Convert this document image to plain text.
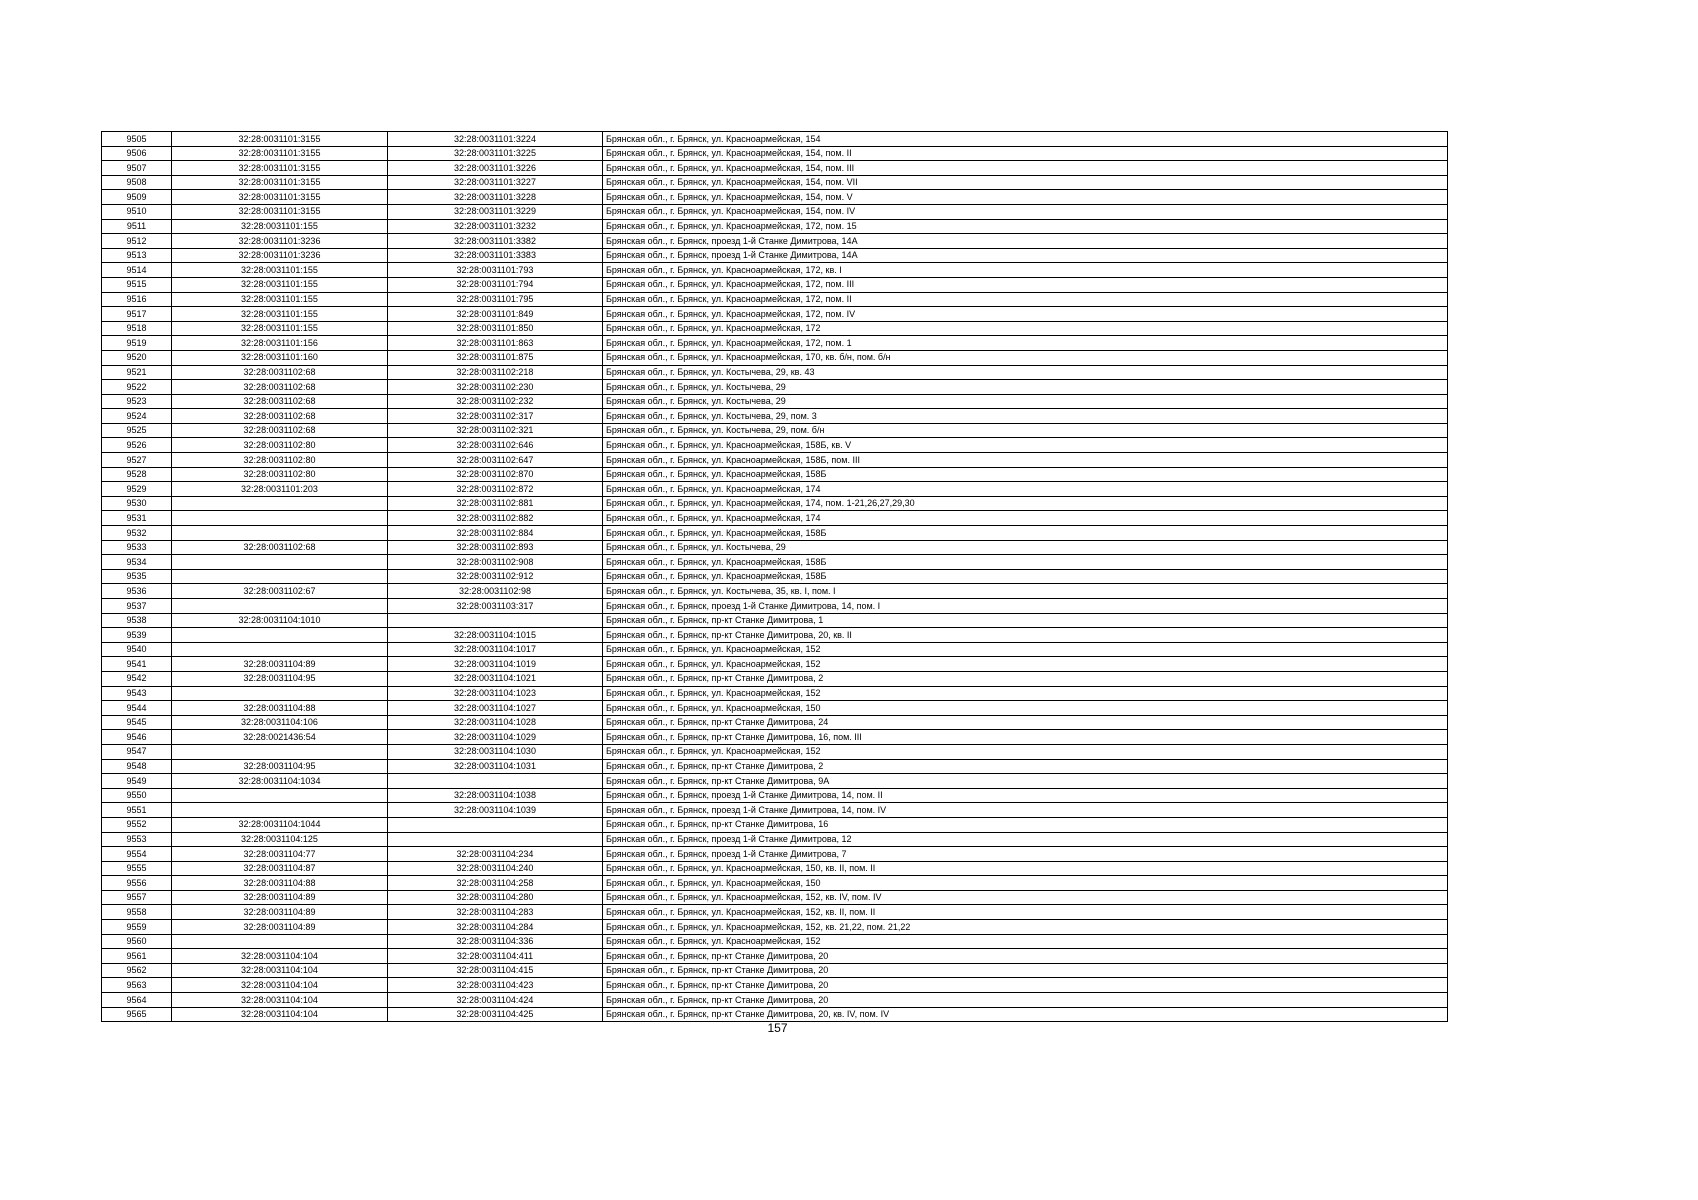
9505	32:28:0031101:3155	32:28:0031101:3224	Брянская обл., г. Брянск, ул. Красноармейская, 154
9506	32:28:0031101:3155	32:28:0031101:3225	Брянская обл., г. Брянск, ул. Красноармейская, 154, пом. II
9507	32:28:0031101:3155	32:28:0031101:3226	Брянская обл., г. Брянск, ул. Красноармейская, 154, пом. III
9508	32:28:0031101:3155	32:28:0031101:3227	Брянская обл., г. Брянск, ул. Красноармейская, 154, пом. VII
9509	32:28:0031101:3155	32:28:0031101:3228	Брянская обл., г. Брянск, ул. Красноармейская, 154, пом. V
9510	32:28:0031101:3155	32:28:0031101:3229	Брянская обл., г. Брянск, ул. Красноармейская, 154, пом. IV
9511	32:28:0031101:155	32:28:0031101:3232	Брянская обл., г. Брянск, ул. Красноармейская, 172, пом. 15
9512	32:28:0031101:3236	32:28:0031101:3382	Брянская обл., г. Брянск, проезд 1-й Станке Димитрова, 14А
9513	32:28:0031101:3236	32:28:0031101:3383	Брянская обл., г. Брянск, проезд 1-й Станке Димитрова, 14А
9514	32:28:0031101:155	32:28:0031101:793	Брянская обл., г. Брянск, ул. Красноармейская, 172, кв. I
9515	32:28:0031101:155	32:28:0031101:794	Брянская обл., г. Брянск, ул. Красноармейская, 172, пом. III
9516	32:28:0031101:155	32:28:0031101:795	Брянская обл., г. Брянск, ул. Красноармейская, 172, пом. II
9517	32:28:0031101:155	32:28:0031101:849	Брянская обл., г. Брянск, ул. Красноармейская, 172, пом. IV
9518	32:28:0031101:155	32:28:0031101:850	Брянская обл., г. Брянск, ул. Красноармейская, 172
9519	32:28:0031101:156	32:28:0031101:863	Брянская обл., г. Брянск, ул. Красноармейская, 172, пом. 1
9520	32:28:0031101:160	32:28:0031101:875	Брянская обл., г. Брянск, ул. Красноармейская, 170, кв. б/н, пом. б/н
9521	32:28:0031102:68	32:28:0031102:218	Брянская обл., г. Брянск, ул. Костычева, 29, кв. 43
9522	32:28:0031102:68	32:28:0031102:230	Брянская обл., г. Брянск, ул. Костычева, 29
9523	32:28:0031102:68	32:28:0031102:232	Брянская обл., г. Брянск, ул. Костычева, 29
9524	32:28:0031102:68	32:28:0031102:317	Брянская обл., г. Брянск, ул. Костычева, 29, пом. 3
9525	32:28:0031102:68	32:28:0031102:321	Брянская обл., г. Брянск, ул. Костычева, 29, пом. б/н
9526	32:28:0031102:80	32:28:0031102:646	Брянская обл., г. Брянск, ул. Красноармейская, 158Б, кв. V
9527	32:28:0031102:80	32:28:0031102:647	Брянская обл., г. Брянск, ул. Красноармейская, 158Б, пом. III
9528	32:28:0031102:80	32:28:0031102:870	Брянская обл., г. Брянск, ул. Красноармейская, 158Б
9529	32:28:0031101:203	32:28:0031102:872	Брянская обл., г. Брянск, ул. Красноармейская, 174
9530		32:28:0031102:881	Брянская обл., г. Брянск, ул. Красноармейская, 174, пом. 1-21,26,27,29,30
9531		32:28:0031102:882	Брянская обл., г. Брянск, ул. Красноармейская, 174
9532		32:28:0031102:884	Брянская обл., г. Брянск, ул. Красноармейская, 158Б
9533	32:28:0031102:68	32:28:0031102:893	Брянская обл., г. Брянск, ул. Костычева, 29
9534		32:28:0031102:908	Брянская обл., г. Брянск, ул. Красноармейская, 158Б
9535		32:28:0031102:912	Брянская обл., г. Брянск, ул. Красноармейская, 158Б
9536	32:28:0031102:67	32:28:0031102:98	Брянская обл., г. Брянск, ул. Костычева, 35, кв. I, пом. I
9537		32:28:0031103:317	Брянская обл., г. Брянск, проезд 1-й Станке Димитрова, 14, пом. I
9538	32:28:0031104:1010		Брянская обл., г. Брянск, пр-кт Станке Димитрова, 1
9539		32:28:0031104:1015	Брянская обл., г. Брянск, пр-кт Станке Димитрова, 20, кв. II
9540		32:28:0031104:1017	Брянская обл., г. Брянск, ул. Красноармейская, 152
9541	32:28:0031104:89	32:28:0031104:1019	Брянская обл., г. Брянск, ул. Красноармейская, 152
9542	32:28:0031104:95	32:28:0031104:1021	Брянская обл., г. Брянск, пр-кт Станке Димитрова, 2
9543		32:28:0031104:1023	Брянская обл., г. Брянск, ул. Красноармейская, 152
9544	32:28:0031104:88	32:28:0031104:1027	Брянская обл., г. Брянск, ул. Красноармейская, 150
9545	32:28:0031104:106	32:28:0031104:1028	Брянская обл., г. Брянск, пр-кт Станке Димитрова, 24
9546	32:28:0021436:54	32:28:0031104:1029	Брянская обл., г. Брянск, пр-кт Станке Димитрова, 16, пом. III
9547		32:28:0031104:1030	Брянская обл., г. Брянск, ул. Красноармейская, 152
9548	32:28:0031104:95	32:28:0031104:1031	Брянская обл., г. Брянск, пр-кт Станке Димитрова, 2
9549	32:28:0031104:1034		Брянская обл., г. Брянск, пр-кт Станке Димитрова, 9А
9550		32:28:0031104:1038	Брянская обл., г. Брянск, проезд 1-й Станке Димитрова, 14, пом. II
9551		32:28:0031104:1039	Брянская обл., г. Брянск, проезд 1-й Станке Димитрова, 14, пом. IV
9552	32:28:0031104:1044		Брянская обл., г. Брянск, пр-кт Станке Димитрова, 16
9553	32:28:0031104:125		Брянская обл., г. Брянск, проезд 1-й Станке Димитрова, 12
9554	32:28:0031104:77	32:28:0031104:234	Брянская обл., г. Брянск, проезд 1-й Станке Димитрова, 7
9555	32:28:0031104:87	32:28:0031104:240	Брянская обл., г. Брянск, ул. Красноармейская, 150, кв. II, пом. II
9556	32:28:0031104:88	32:28:0031104:258	Брянская обл., г. Брянск, ул. Красноармейская, 150
9557	32:28:0031104:89	32:28:0031104:280	Брянская обл., г. Брянск, ул. Красноармейская, 152, кв. IV, пом. IV
9558	32:28:0031104:89	32:28:0031104:283	Брянская обл., г. Брянск, ул. Красноармейская, 152, кв. II, пом. II
9559	32:28:0031104:89	32:28:0031104:284	Брянская обл., г. Брянск, ул. Красноармейская, 152, кв. 21,22, пом. 21,22
9560		32:28:0031104:336	Брянская обл., г. Брянск, ул. Красноармейская, 152
9561	32:28:0031104:104	32:28:0031104:411	Брянская обл., г. Брянск, пр-кт Станке Димитрова, 20
9562	32:28:0031104:104	32:28:0031104:415	Брянская обл., г. Брянск, пр-кт Станке Димитрова, 20
9563	32:28:0031104:104	32:28:0031104:423	Брянская обл., г. Брянск, пр-кт Станке Димитрова, 20
9564	32:28:0031104:104	32:28:0031104:424	Брянская обл., г. Брянск, пр-кт Станке Димитрова, 20
9565	32:28:0031104:104	32:28:0031104:425	Брянская обл., г. Брянск, пр-кт Станке Димитрова, 20, кв. IV, пом. IV
157
